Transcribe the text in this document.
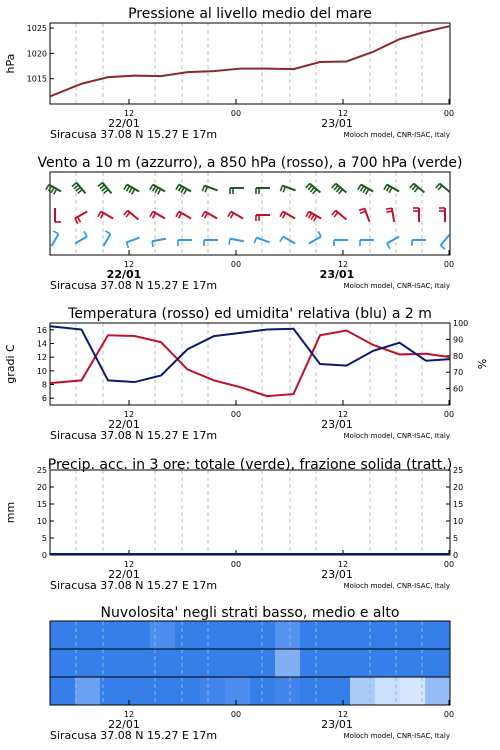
Pressione al livello medio del mare
1015
1020
1025
hPa
12	00	12	00
22/01	23/01
Siracusa 37.08 N 15.27 E 17m	Moloch model, CNR-ISAC, Italy
Vento a 10 m (azzurro), a 850 hPa (rosso), a 700 hPa (verde)
12	00	12	00
22/01	23/01
Siracusa 37.08 N 15.27 E 17m	Moloch model, CNR-ISAC, Italy
Temperatura (rosso) ed umidita' relativa (blu) a 2 m
6
8
10
12
14
16
60
70
80
90
100
gradi C	%
12	00	12	00
22/01	23/01
Siracusa 37.08 N 15.27 E 17m	Moloch model, CNR-ISAC, Italy
Precip. acc. in 3 ore: totale (verde), frazione solida (tratt.)
0	0
5	5
10	10
15	15
20	20
25	25
mm
12	00	12	00
22/01	23/01
Siracusa 37.08 N 15.27 E 17m	Moloch model, CNR-ISAC, Italy
Nuvolosita' negli strati basso, medio e alto
12	00	12	00
22/01	23/01
Siracusa 37.08 N 15.27 E 17m	Moloch model, CNR-ISAC, Italy
